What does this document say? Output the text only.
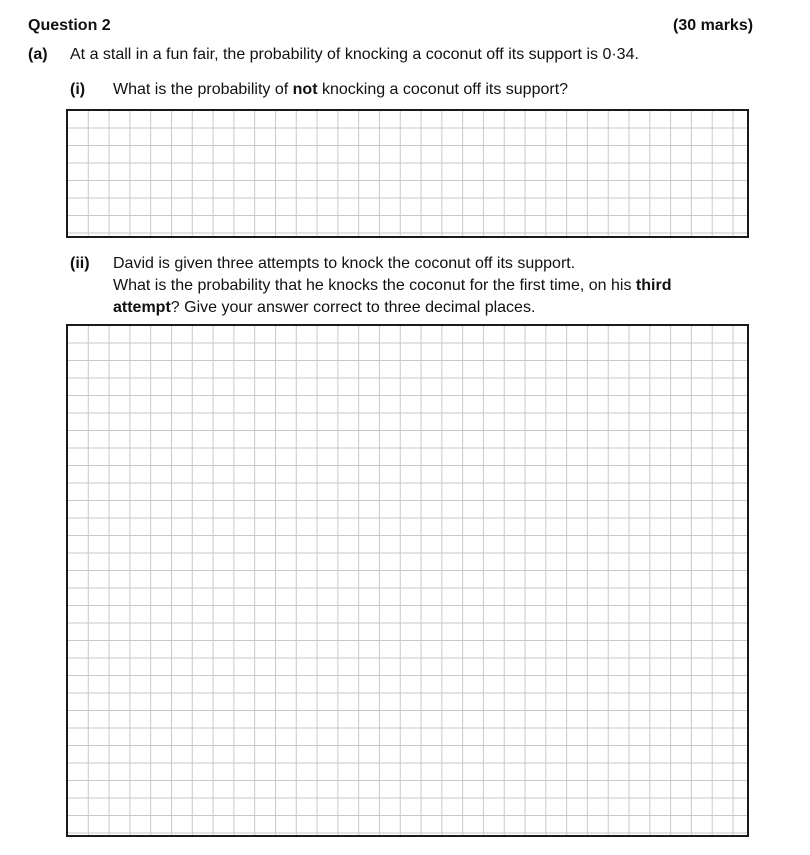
Question 2	(30 marks)
(a) At a stall in a fun fair, the probability of knocking a coconut off its support is 0·34.
(i) What is the probability of not knocking a coconut off its support?
(ii) David is given three attempts to knock the coconut off its support.
What is the probability that he knocks the coconut for the first time, on his third
attempt? Give your answer correct to three decimal places.
